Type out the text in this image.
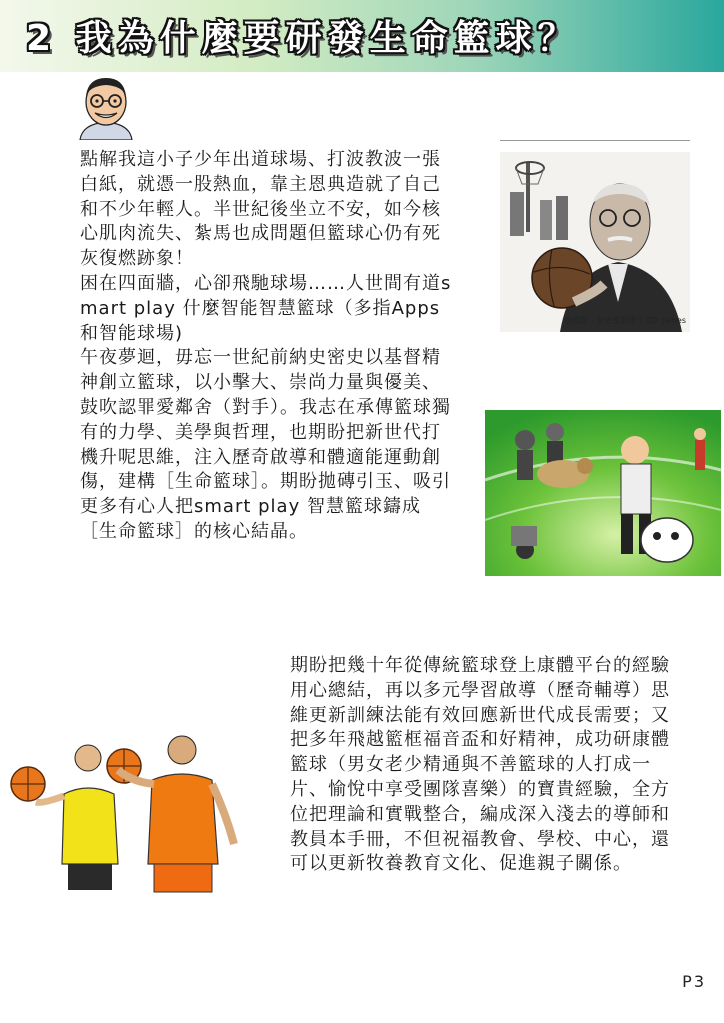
2 我為什麼要研發生命籃球？

點解我這小子少年出道球場、打波教波一張白紙，就憑一股熱血，靠主恩典造就了自己和不少年輕人。半世紀後坐立不安，如今核心肌肉流失、紮馬也成問題但籃球心仍有死灰復燃跡象！
困在四面牆，心卻飛馳球場……人世間有道smart play 什麼智能智慧籃球（多指Apps和智能球場)
午夜夢迴，毋忘一世紀前納史密史以基督精神創立籃球，以小擊大、崇尚力量與優美、鼓吹認罪愛鄰舍（對手）。我志在承傳籃球獨有的力學、美學與哲理，也期盼把新世代打機升呢思維，注入歷奇啟導和體適能運動創傷，建構［生命籃球］。期盼拋磚引玉、吸引更多有心人把smart play 智慧籃球鑄成［生命籃球］的核心結晶。

詹姆斯・奈史密斯博士 (Dr James

期盼把幾十年從傳統籃球登上康體平台的經驗用心總結，再以多元學習啟導（歷奇輔導）思維更新訓練法能有效回應新世代成長需要；又把多年飛越籃框福音盃和好精神，成功研康體籃球（男女老少精通與不善籃球的人打成一片、愉悅中享受團隊喜樂）的寶貴經驗，全方位把理論和實戰整合，編成深入淺去的導師和教員本手冊，不但祝福教會、學校、中心，還可以更新牧養教育文化、促進親子關係。

P3
